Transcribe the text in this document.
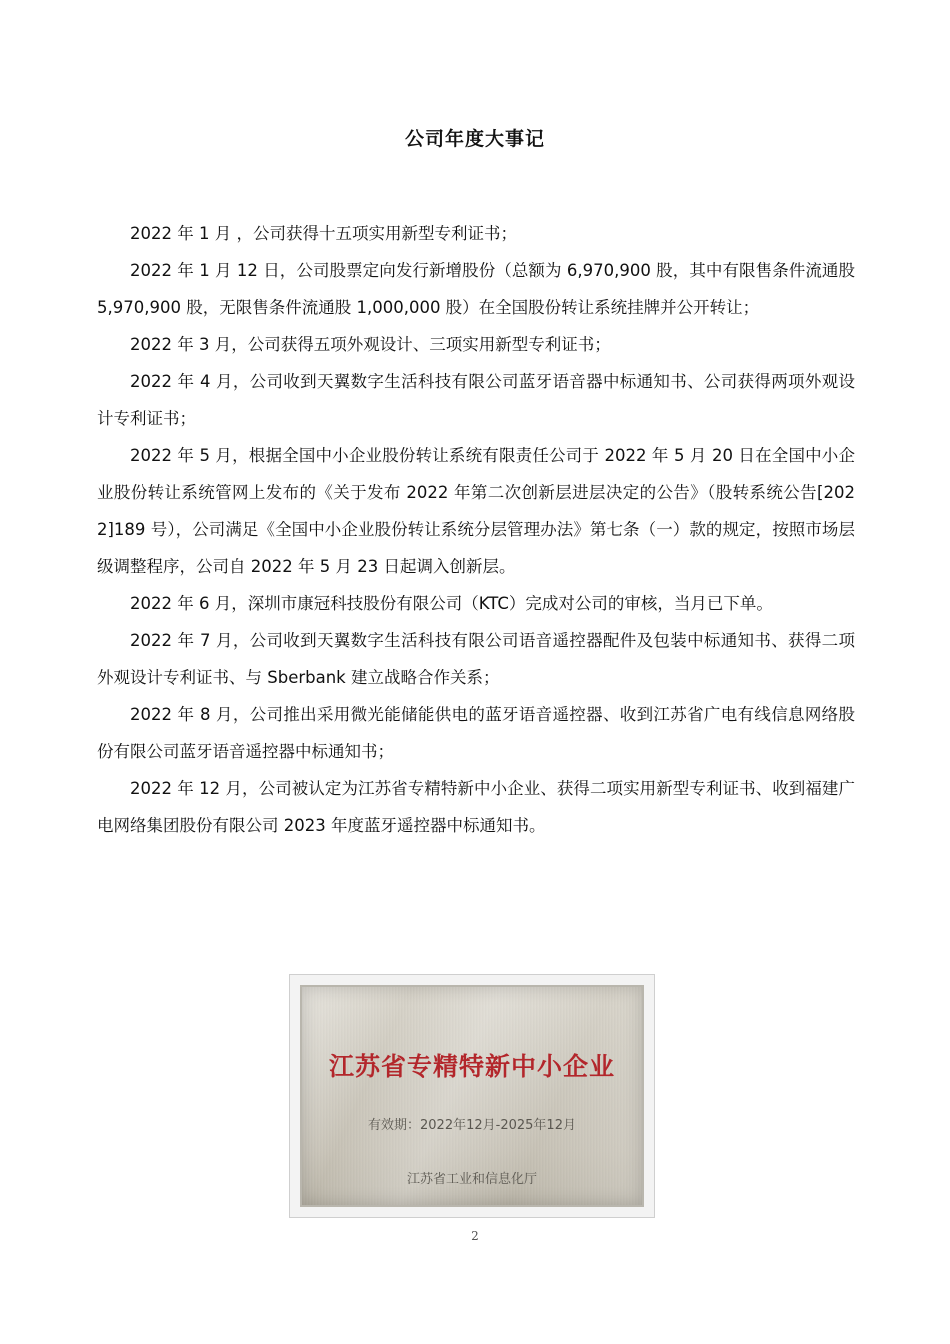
公司年度大事记

2022 年 1 月 ，公司获得十五项实用新型专利证书；

2022 年 1 月 12 日，公司股票定向发行新增股份（总额为 6,970,900 股，其中有限售条件流通股 5,970,900 股，无限售条件流通股 1,000,000 股）在全国股份转让系统挂牌并公开转让；

2022 年 3 月，公司获得五项外观设计、三项实用新型专利证书；

2022 年 4 月，公司收到天翼数字生活科技有限公司蓝牙语音器中标通知书、公司获得两项外观设计专利证书；

2022 年 5 月，根据全国中小企业股份转让系统有限责任公司于 2022 年 5 月 20 日在全国中小企业股份转让系统管网上发布的《关于发布 2022 年第二次创新层进层决定的公告》（股转系统公告[2022]189 号），公司满足《全国中小企业股份转让系统分层管理办法》第七条（一）款的规定，按照市场层级调整程序，公司自 2022 年 5 月 23 日起调入创新层。

2022 年 6 月，深圳市康冠科技股份有限公司（KTC）完成对公司的审核，当月已下单。

2022 年 7 月，公司收到天翼数字生活科技有限公司语音遥控器配件及包装中标通知书、获得二项外观设计专利证书、与 Sberbank 建立战略合作关系；

2022 年 8 月，公司推出采用微光能储能供电的蓝牙语音遥控器、收到江苏省广电有线信息网络股份有限公司蓝牙语音遥控器中标通知书；

2022 年 12 月，公司被认定为江苏省专精特新中小企业、获得二项实用新型专利证书、收到福建广电网络集团股份有限公司 2023 年度蓝牙遥控器中标通知书。

江苏省专精特新中小企业
有效期：2022年12月-2025年12月
江苏省工业和信息化厅
2
